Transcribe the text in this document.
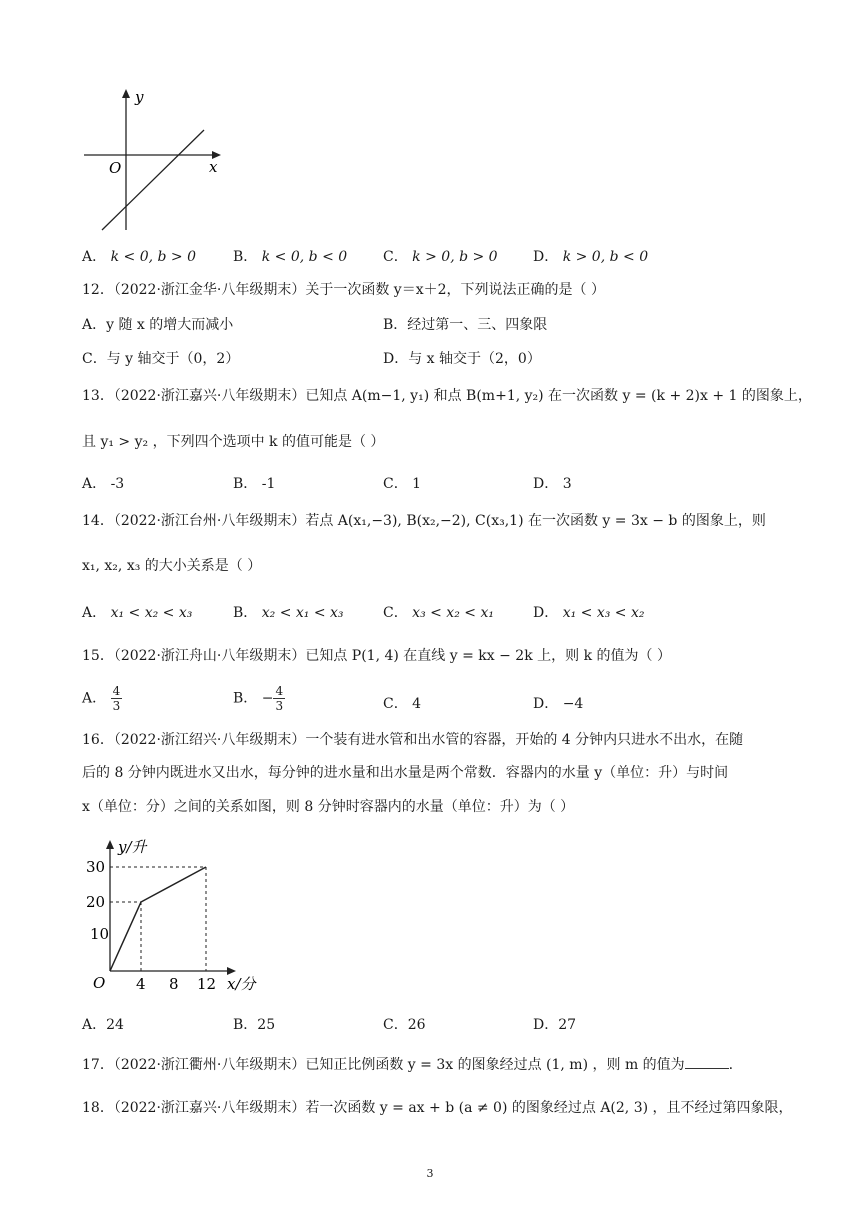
y
x
O
A． k < 0, b > 0	B． k < 0, b < 0	C． k > 0, b > 0	D． k > 0, b < 0
12．（2022·浙江金华·八年级期末）关于一次函数 y＝x＋2，下列说法正确的是（ ）
A．y 随 x 的增大而减小	B．经过第一、三、四象限
C．与 y 轴交于（0，2）	D．与 x 轴交于（2，0）
13．（2022·浙江嘉兴·八年级期末）已知点 A(m−1, y₁) 和点 B(m+1, y₂) 在一次函数 y = (k + 2)x + 1 的图象上，
且 y₁ > y₂ ，下列四个选项中 k 的值可能是（ ）
A． -3	B． -1	C． 1	D． 3
14．（2022·浙江台州·八年级期末）若点 A(x₁,−3), B(x₂,−2), C(x₃,1) 在一次函数 y = 3x − b 的图象上，则
x₁, x₂, x₃ 的大小关系是（ ）
A． x₁ < x₂ < x₃	B． x₂ < x₁ < x₃	C． x₃ < x₂ < x₁	D． x₁ < x₃ < x₂
15．（2022·浙江舟山·八年级期末）已知点 P(1, 4) 在直线 y = kx − 2k 上，则 k 的值为（ ）
A． $\frac{4}{3}$	B． − $\frac{4}{3}$	C． 4	D． −4
16．（2022·浙江绍兴·八年级期末）一个装有进水管和出水管的容器，开始的 4 分钟内只进水不出水，在随
后的 8 分钟内既进水又出水，每分钟的进水量和出水量是两个常数．容器内的水量 y（单位：升）与时间
x（单位：分）之间的关系如图，则 8 分钟时容器内的水量（单位：升）为（ ）
y/升
30
20
10
O 4 8 12 x/分
A．24	B．25	C．26	D．27
17．（2022·浙江衢州·八年级期末）已知正比例函数 y = 3x 的图象经过点 (1, m) ，则 m 的值为	.
18．（2022·浙江嘉兴·八年级期末）若一次函数 y = ax + b (a ≠ 0) 的图象经过点 A(2, 3) ，且不经过第四象限，
3
